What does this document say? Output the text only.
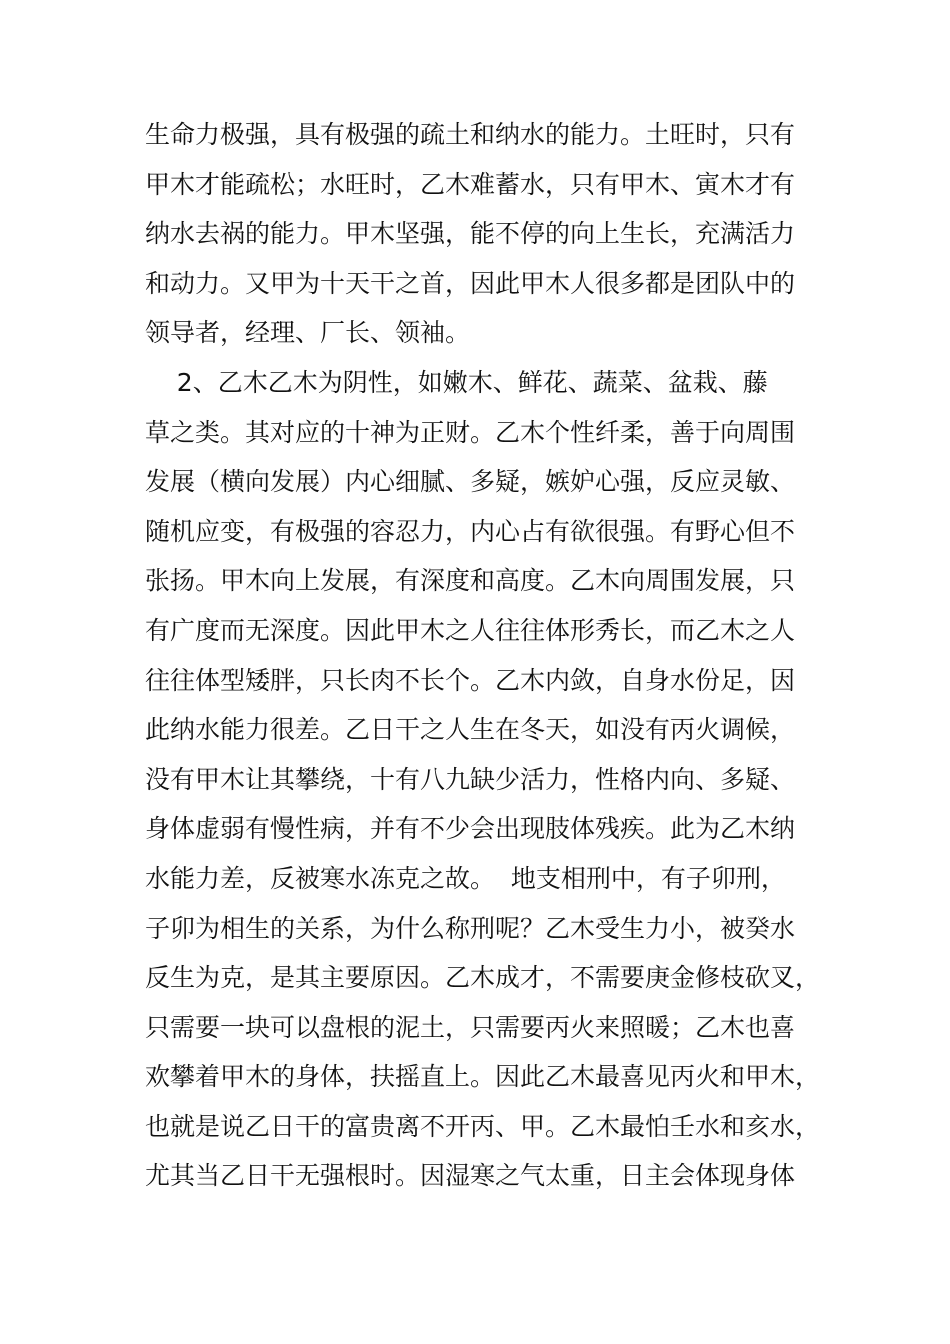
生命力极强，具有极强的疏土和纳水的能力。土旺时，只有
甲木才能疏松；水旺时，乙木难蓄水，只有甲木、寅木才有
纳水去祸的能力。甲木坚强，能不停的向上生长，充满活力
和动力。又甲为十天干之首，因此甲木人很多都是团队中的
领导者，经理、厂长、领袖。
2、乙木乙木为阴性，如嫩木、鲜花、蔬菜、盆栽、藤
草之类。其对应的十神为正财。乙木个性纤柔，善于向周围
发展（横向发展）内心细腻、多疑，嫉妒心强，反应灵敏、
随机应变，有极强的容忍力，内心占有欲很强。有野心但不
张扬。甲木向上发展，有深度和高度。乙木向周围发展，只
有广度而无深度。因此甲木之人往往体形秀长，而乙木之人
往往体型矮胖，只长肉不长个。乙木内敛，自身水份足，因
此纳水能力很差。乙日干之人生在冬天，如没有丙火调候，
没有甲木让其攀绕，十有八九缺少活力，性格内向、多疑、
身体虚弱有慢性病，并有不少会出现肢体残疾。此为乙木纳
水能力差，反被寒水冻克之故。  地支相刑中，有子卯刑，
子卯为相生的关系，为什么称刑呢？乙木受生力小，被癸水
反生为克，是其主要原因。乙木成才，不需要庚金修枝砍叉，
只需要一块可以盘根的泥土，只需要丙火来照暖；乙木也喜
欢攀着甲木的身体，扶摇直上。因此乙木最喜见丙火和甲木，
也就是说乙日干的富贵离不开丙、甲。乙木最怕壬水和亥水，
尤其当乙日干无强根时。因湿寒之气太重，日主会体现身体
